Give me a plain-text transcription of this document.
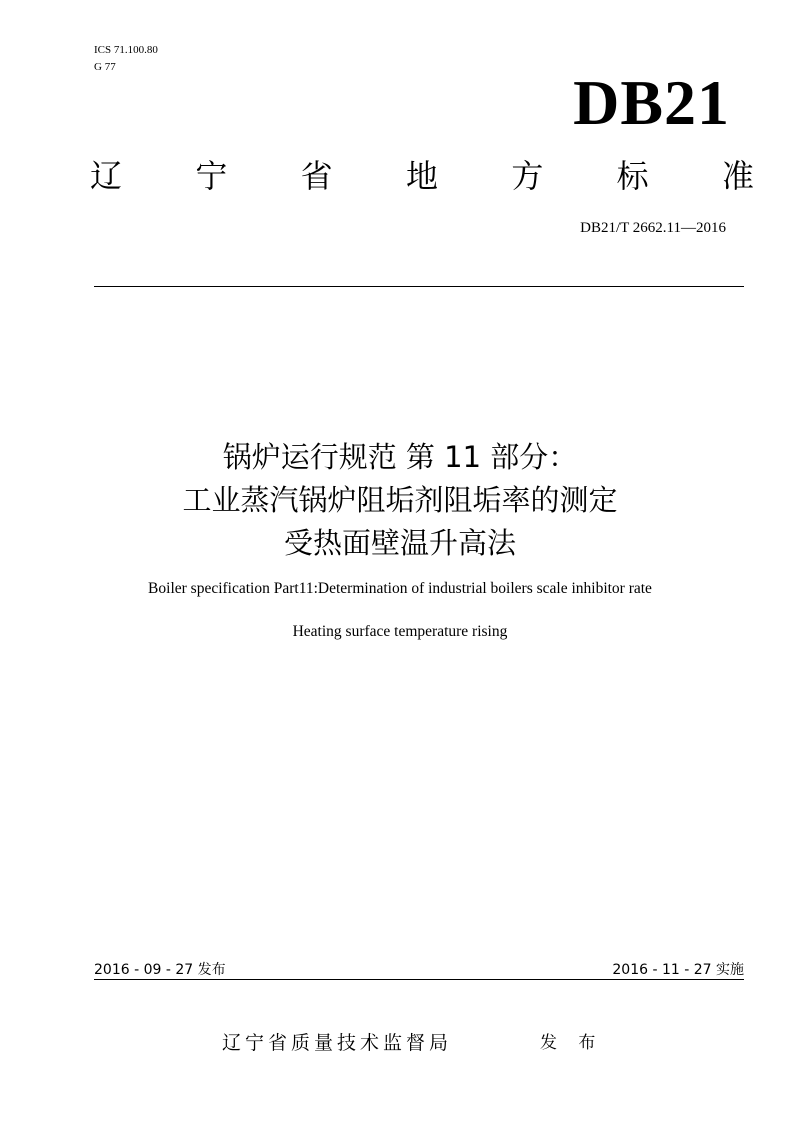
ICS 71.100.80
G 77	DB21
辽 宁 省 地 方 标 准
DB21/T 2662.11—2016
锅炉运行规范 第 11 部分：
工业蒸汽锅炉阻垢剂阻垢率的测定
受热面壁温升高法
Boiler specification Part11:Determination of industrial boilers scale inhibitor rate
Heating surface temperature rising
2016 - 09 - 27 发布	2016 - 11 - 27 实施
辽宁省质量技术监督局	发 布
